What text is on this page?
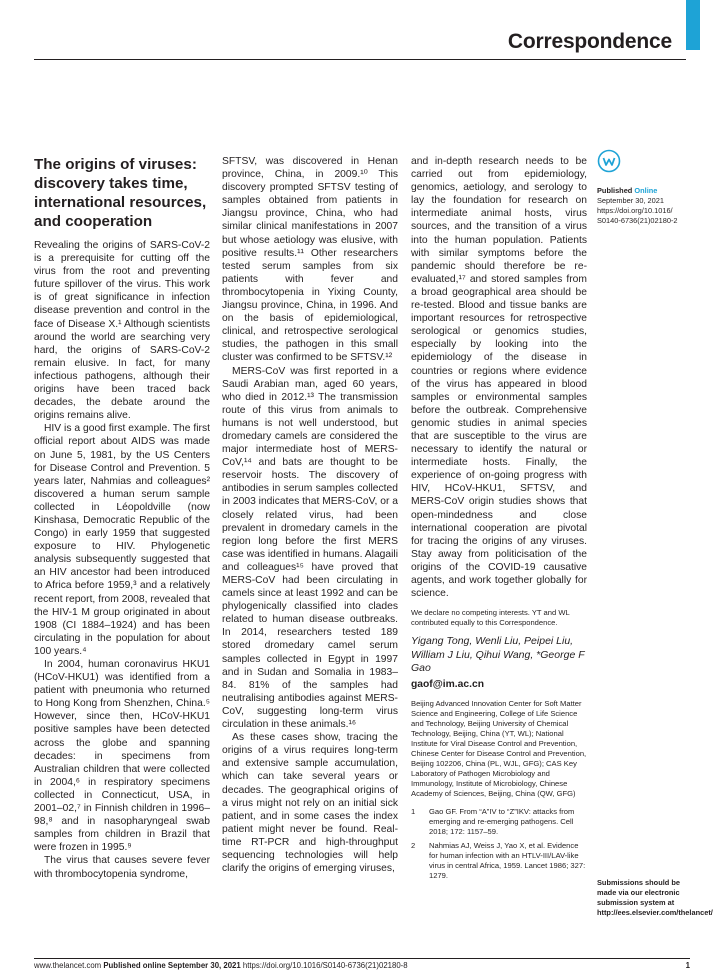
Correspondence
The origins of viruses: discovery takes time, international resources, and cooperation

Revealing the origins of SARS-CoV-2 is a prerequisite for cutting off the virus from the root and preventing future spillover of the virus. This work is of great significance in infection disease prevention and control in the face of Disease X.¹ Although scientists around the world are searching very hard, the origins of SARS-CoV-2 remain elusive. In fact, for many infectious pathogens, although their origins have been traced back decades, the debate around the origins remains alive.

HIV is a good first example. The first official report about AIDS was made on June 5, 1981, by the US Centers for Disease Control and Prevention. 5 years later, Nahmias and colleagues² discovered a human serum sample collected in Léopoldville (now Kinshasa, Democratic Republic of the Congo) in early 1959 that suggested exposure to HIV. Phylogenetic analysis subsequently suggested that an HIV ancestor had been introduced to Africa before 1959,³ and a relatively recent report, from 2008, revealed that the HIV-1 M group originated in about 1908 (CI 1884–1924) and has been circulating in the population for about 100 years.⁴

In 2004, human coronavirus HKU1 (HCoV-HKU1) was identified from a patient with pneumonia who returned to Hong Kong from Shenzhen, China.⁵ However, since then, HCoV-HKU1 positive samples have been detected across the globe and spanning decades: in specimens from Australian children that were collected in 2004,⁶ in respiratory specimens collected in Connecticut, USA, in 2001–02,⁷ in Finnish children in 1996–98,⁸ and in nasopharyngeal swab samples from children in Brazil that were frozen in 1995.⁹

The virus that causes severe fever with thrombocytopenia syndrome,

SFTSV, was discovered in Henan province, China, in 2009.¹⁰ This discovery prompted SFTSV testing of samples obtained from patients in Jiangsu province, China, who had similar clinical manifestations in 2007 but whose aetiology was elusive, with positive results.¹¹ Other researchers tested serum samples from six patients with fever and thrombocytopenia in Yixing County, Jiangsu province, China, in 1996. And on the basis of epidemiological, clinical, and retrospective serological studies, the pathogen in this small cluster was confirmed to be SFTSV.¹²

MERS-CoV was first reported in a Saudi Arabian man, aged 60 years, who died in 2012.¹³ The transmission route of this virus from animals to humans is not well understood, but dromedary camels are considered the major intermediate host of MERS-CoV,¹⁴ and bats are thought to be reservoir hosts. The discovery of antibodies in serum samples collected in 2003 indicates that MERS-CoV, or a closely related virus, had been prevalent in dromedary camels in the region long before the first MERS case was identified in humans. Alagaili and colleagues¹⁵ have proved that MERS-CoV had been circulating in camels since at least 1992 and can be phylogenically classified into clades related to human disease outbreaks. In 2014, researchers tested 189 stored dromedary camel serum samples collected in Egypt in 1997 and in Sudan and Somalia in 1983–84. 81% of the samples had neutralising antibodies against MERS-CoV, suggesting long-term virus circulation in these animals.¹⁶

As these cases show, tracing the origins of a virus requires long-term and extensive sample accumulation, which can take several years or decades. The geographical origins of a virus might not rely on an initial sick patient, and in some cases the index patient might never be found. Real-time RT-PCR and high-throughput sequencing technologies will help clarify the origins of emerging viruses,

and in-depth research needs to be carried out from epidemiology, genomics, aetiology, and serology to lay the foundation for research on intermediate animal hosts, virus sources, and the transition of a virus into the human population. Patients with similar symptoms before the pandemic should therefore be re-evaluated,¹⁷ and stored samples from a broad geographical area should be re-tested. Blood and tissue banks are important resources for retrospective serological or genomics studies, especially by looking into the epidemiology of the disease in countries or regions where evidence of the virus has appeared in blood samples or environmental samples before the outbreak. Comprehensive genomic studies in animal species that are susceptible to the virus are necessary to identify the natural or intermediate hosts. Finally, the experience of on-going progress with HIV, HCoV-HKU1, SFTSV, and MERS-CoV origin studies shows that open-mindedness and close international cooperation are pivotal for tracing the origins of any viruses. Stay away from politicisation of the origins of the COVID-19 causative agents, and work together globally for science.

We declare no competing interests. YT and WL contributed equally to this Correspondence.

Yigang Tong, Wenli Liu, Peipei Liu, William J Liu, Qihui Wang, *George F Gao

gaof@im.ac.cn

Beijing Advanced Innovation Center for Soft Matter Science and Engineering, College of Life Science and Technology, Beijing University of Chemical Technology, Beijing, China (YT, WL); National Institute for Viral Disease Control and Prevention, Chinese Center for Disease Control and Prevention, Beijing 102206, China (PL, WJL, GFG); CAS Key Laboratory of Pathogen Microbiology and Immunology, Institute of Microbiology, Chinese Academy of Sciences, Beijing, China (QW, GFG)

1	Gao GF. From “A”IV to “Z”IKV: attacks from emerging and re-emerging pathogens. Cell 2018; 172: 1157–59.
2	Nahmias AJ, Weiss J, Yao X, et al. Evidence for human infection with an HTLV-III/LAV-like virus in central Africa, 1959. Lancet 1986; 327: 1279.
Published Online
September 30, 2021
https://doi.org/10.1016/
S0140-6736(21)02180-2
Submissions should be made via our electronic submission system at http://ees.elsevier.com/thelancet/
www.thelancet.com Published online September 30, 2021 https://doi.org/10.1016/S0140-6736(21)02180-8	1
